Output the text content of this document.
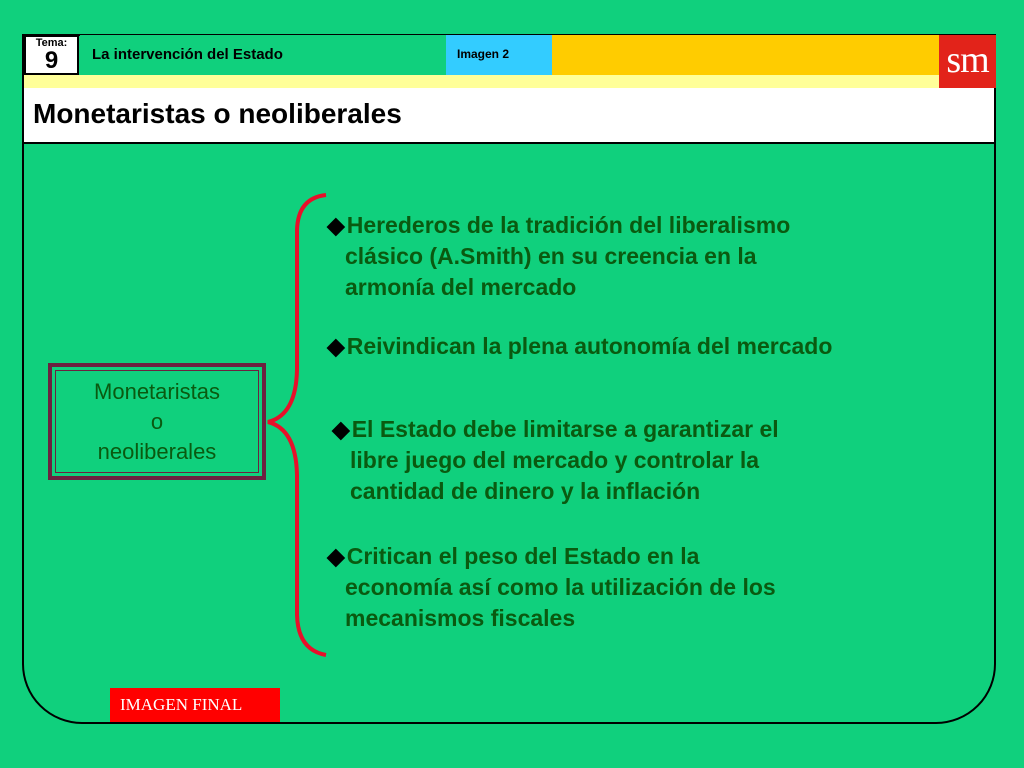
Tema:
9	La intervención del Estado	Imagen 2	sm
Monetaristas o neoliberales
Monetaristas
o
neoliberales
◆Herederos de la tradición del liberalismo
clásico (A.Smith) en su creencia en la
armonía del mercado
◆Reivindican la plena autonomía del mercado
◆El Estado debe limitarse a garantizar el
libre juego del mercado y controlar la
cantidad de dinero y la inflación
◆Critican el peso del Estado en la
economía así como la utilización de los
mecanismos fiscales
IMAGEN FINAL
